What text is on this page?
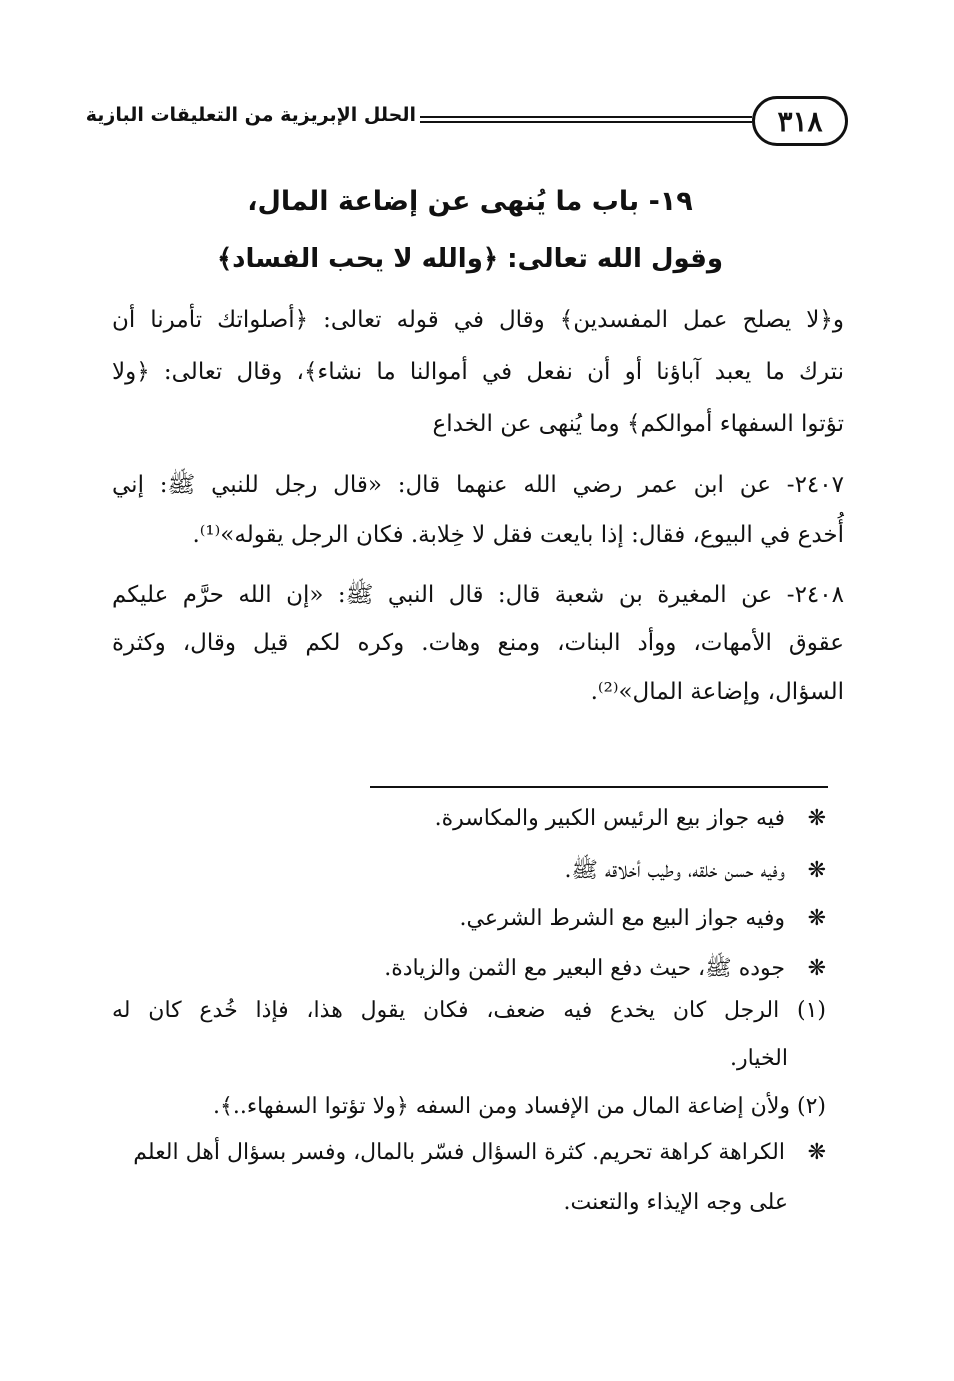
٣١٨
الحلل الإبريزية من التعليقات البازية
١٩- باب ما يُنهى عن إضاعة المال،
وقول الله تعالى: ﴿والله لا يحب الفساد﴾
و﴿لا يصلح عمل المفسدين﴾ وقال في قوله تعالى: ﴿أصلواتك تأمرنا أن
نترك ما يعبد آباؤنا أو أن نفعل في أموالنا ما نشاء﴾، وقال تعالى: ﴿ولا
تؤتوا السفهاء أموالكم﴾ وما يُنهى عن الخداع
٢٤٠٧- عن ابن عمر رضي الله عنهما قال: «قال رجل للنبي ﷺ: إني
أُخدع في البيوع، فقال: إذا بايعت فقل لا خِلابة. فكان الرجل يقوله»⁽¹⁾.
٢٤٠٨- عن المغيرة بن شعبة قال: قال النبي ﷺ: «إن الله حرَّم عليكم
عقوق الأمهات، ووأد البنات، ومنع وهات. وكره لكم قيل وقال، وكثرة
السؤال، وإضاعة المال»⁽²⁾.
❋ فيه جواز بيع الرئيس الكبير والمكاسرة.
❋ وفيه حسن خلقه، وطيب أخلاقه ﷺ.
❋ وفيه جواز البيع مع الشرط الشرعي.
❋ جوده ﷺ، حيث دفع البعير مع الثمن والزيادة.
(١) الرجل كان يخدع فيه ضعف، فكان يقول هذا، فإذا خُدع كان له
الخيار.
(٢) ولأن إضاعة المال من الإفساد ومن السفه ﴿ولا تؤتوا السفهاء..﴾.
❋ الكراهة كراهة تحريم. كثرة السؤال فسّر بالمال، وفسر بسؤال أهل العلم
على وجه الإيذاء والتعنت.
